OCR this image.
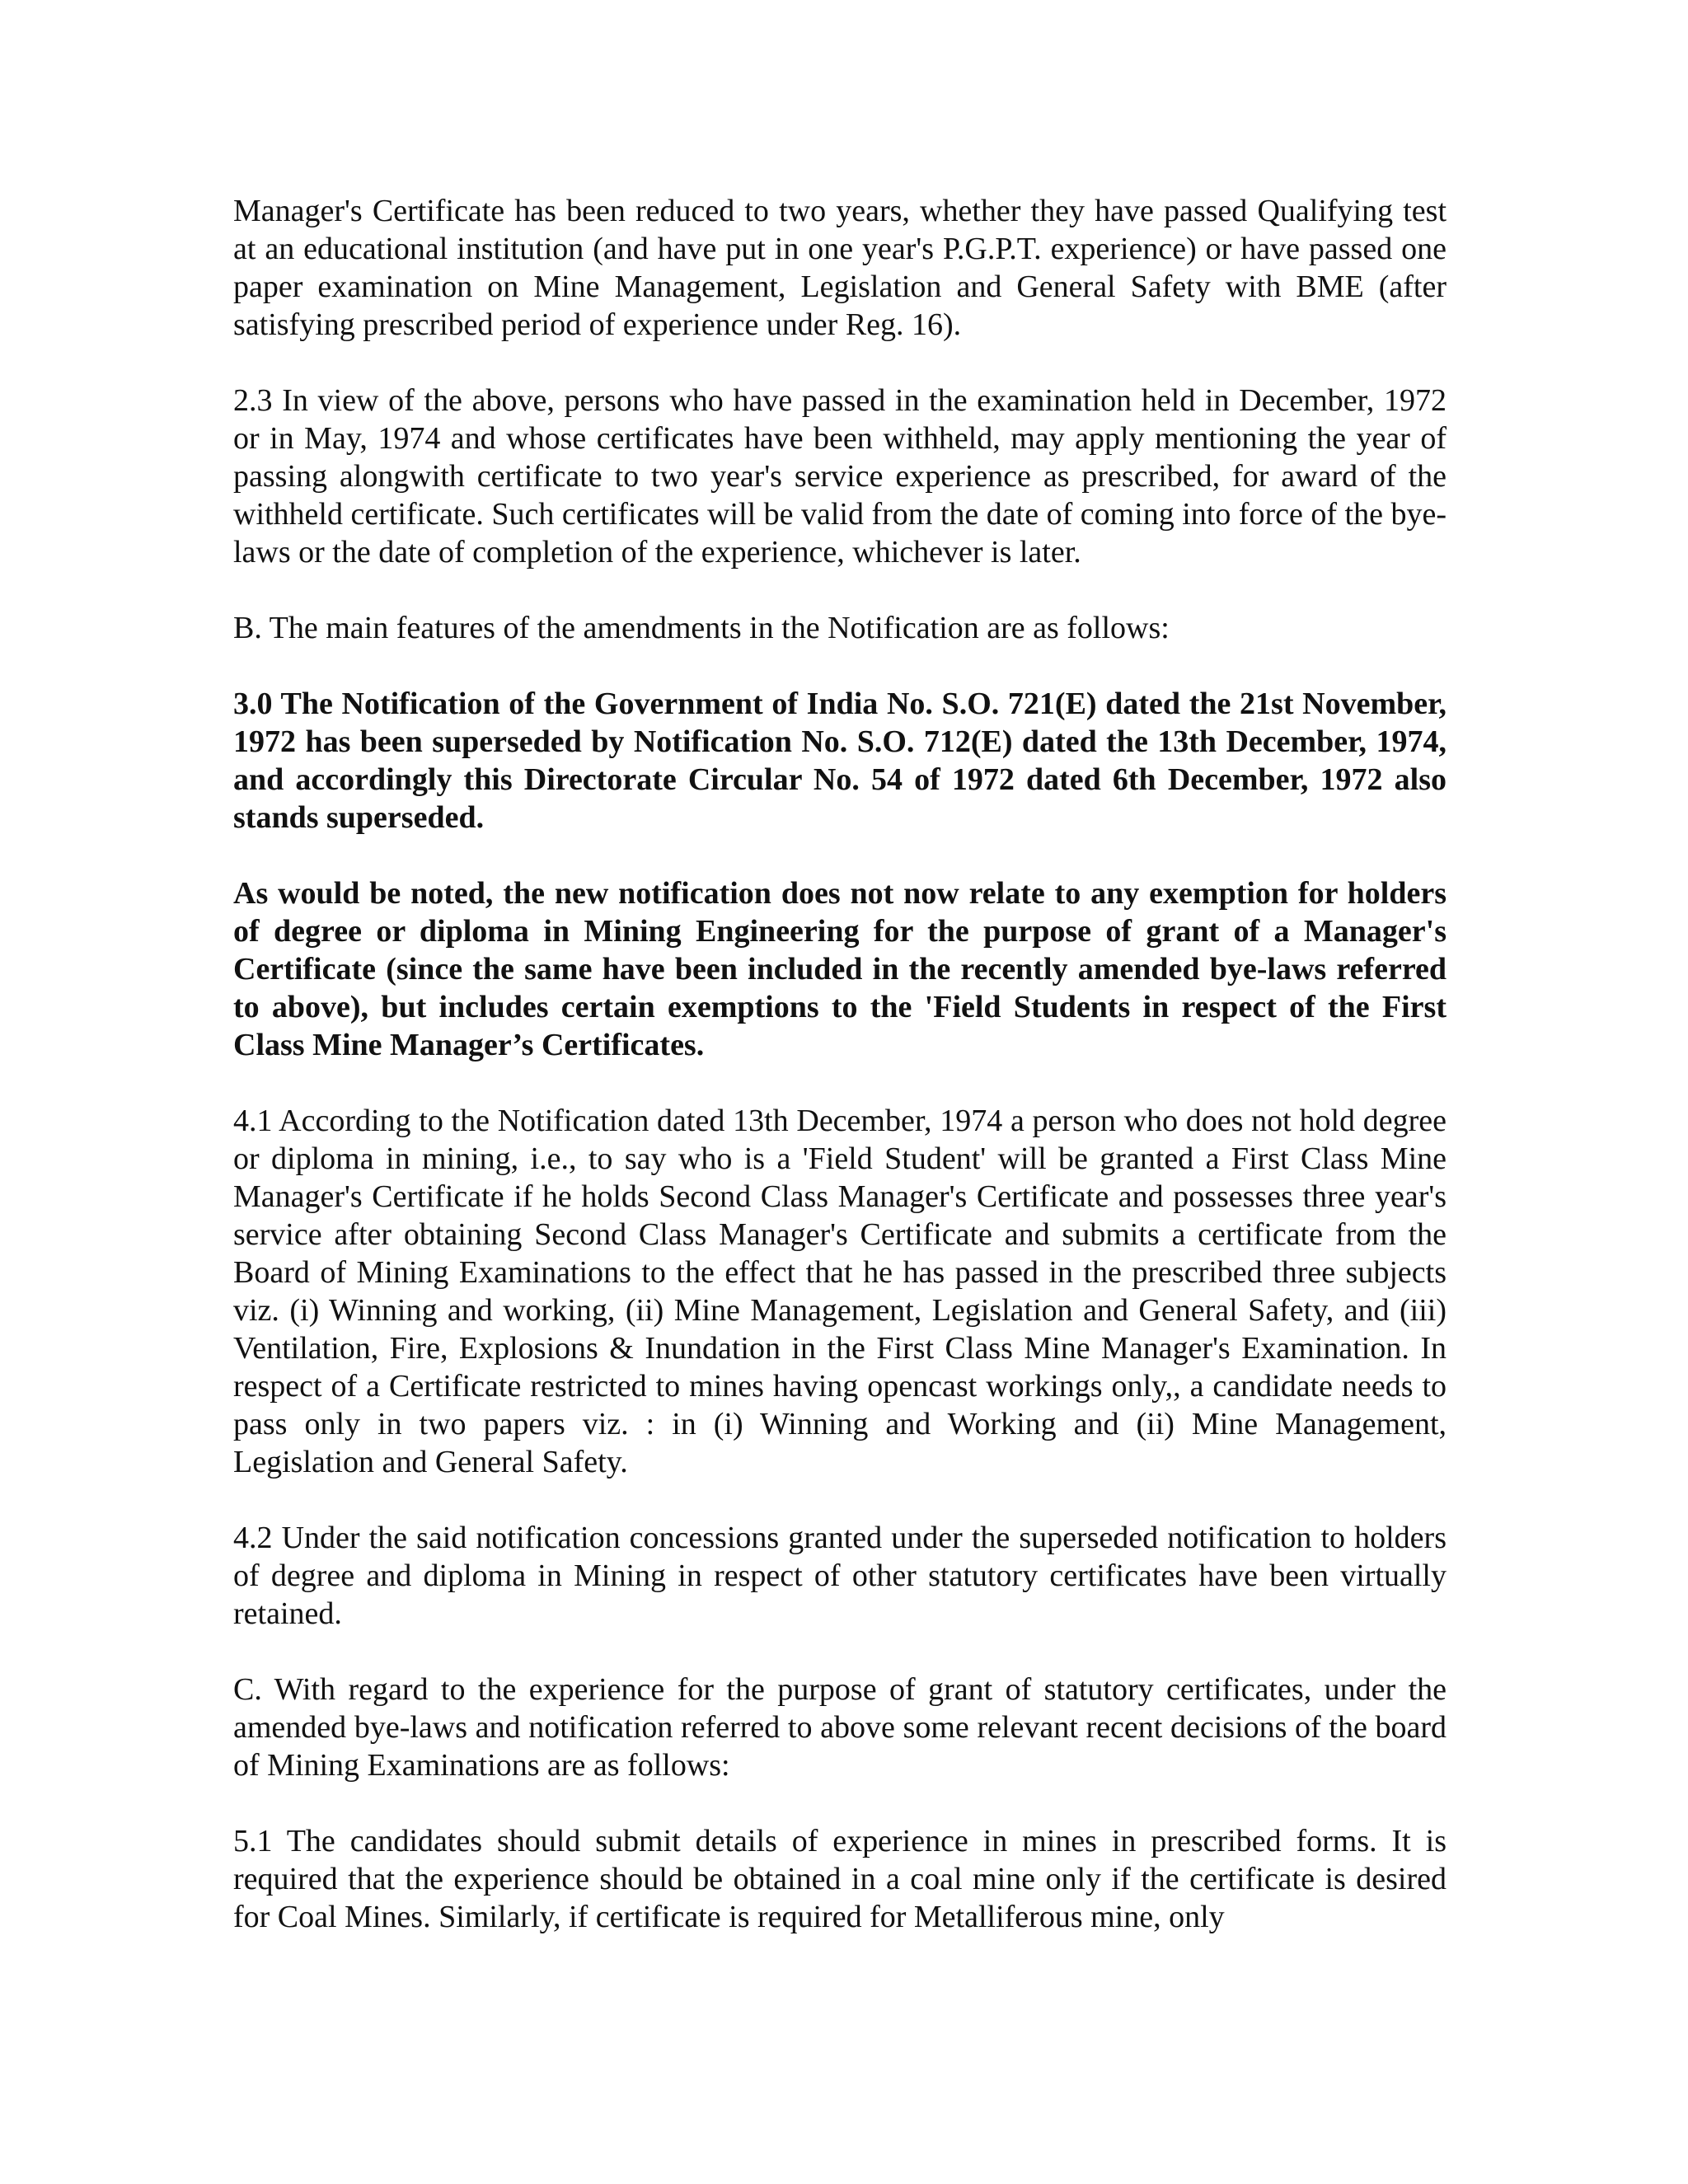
Manager's Certificate has been reduced to two years, whether they have passed Qualifying test at an educational institution (and have put in one year's P.G.P.T. experience) or have passed one paper examination on Mine Management, Legislation and General Safety with BME (after satisfying prescribed period of experience under Reg. 16).

2.3 In view of the above, persons who have passed in the examination held in December, 1972 or in May, 1974 and whose certificates have been withheld, may apply mentioning the year of passing alongwith certificate to two year's service experience as prescribed, for award of the withheld certificate. Such certificates will be valid from the date of coming into force of the bye-laws or the date of completion of the experience, whichever is later.

B. The main features of the amendments in the Notification are as follows:

3.0 The Notification of the Government of India No. S.O. 721(E) dated the 21st November, 1972 has been superseded by Notification No. S.O. 712(E) dated the 13th December, 1974, and accordingly this Directorate Circular No. 54 of 1972 dated 6th December, 1972 also stands superseded.

As would be noted, the new notification does not now relate to any exemption for holders of degree or diploma in Mining Engineering for the purpose of grant of a Manager's Certificate (since the same have been included in the recently amended bye-laws referred to above), but includes certain exemptions to the 'Field Students in respect of the First Class Mine Manager’s Certificates.

4.1 According to the Notification dated 13th December, 1974 a person who does not hold degree or diploma in mining, i.e., to say who is a 'Field Student' will be granted a First Class Mine Manager's Certificate if he holds Second Class Manager's Certificate and possesses three year's service after obtaining Second Class Manager's Certificate and submits a certificate from the Board of Mining Examinations to the effect that he has passed in the prescribed three subjects viz. (i) Winning and working, (ii) Mine Management, Legislation and General Safety, and (iii) Ventilation, Fire, Explosions & Inundation in the First Class Mine Manager's Examination. In respect of a Certificate restricted to mines having opencast workings only,, a candidate needs to pass only in two papers viz. : in (i) Winning and Working and (ii) Mine Management, Legislation and General Safety.

4.2 Under the said notification concessions granted under the superseded notification to holders of degree and diploma in Mining in respect of other statutory certificates have been virtually retained.

C. With regard to the experience for the purpose of grant of statutory certificates, under the amended bye-laws and notification referred to above some relevant recent decisions of the board of Mining Examinations are as follows:

5.1 The candidates should submit details of experience in mines in prescribed forms. It is required that the experience should be obtained in a coal mine only if the certificate is desired for Coal Mines. Similarly, if certificate is required for Metalliferous mine, only
